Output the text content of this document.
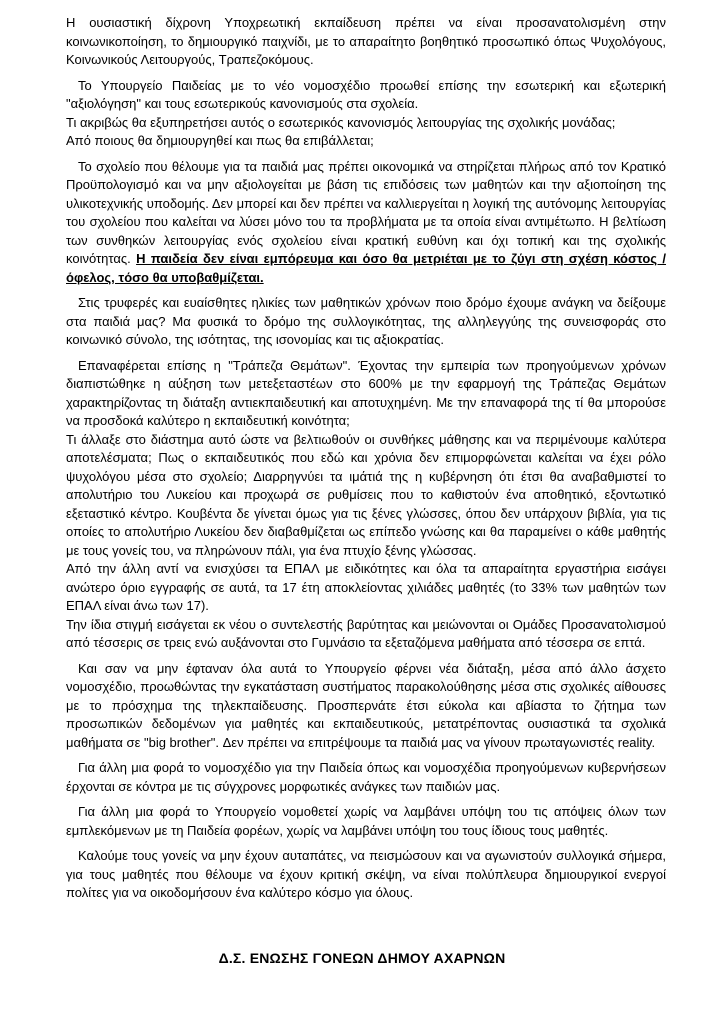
Η ουσιαστική δίχρονη Υποχρεωτική εκπαίδευση πρέπει να είναι προσανατολισμένη στην κοινωνικοποίηση, το δημιουργικό παιχνίδι, με το απαραίτητο βοηθητικό προσωπικό όπως Ψυχολόγους, Κοινωνικούς Λειτουργούς, Τραπεζοκόμους.

Το Υπουργείο Παιδείας με το νέο νομοσχέδιο προωθεί επίσης την εσωτερική και εξωτερική "αξιολόγηση" και τους εσωτερικούς κανονισμούς στα σχολεία.
Τι ακριβώς θα εξυπηρετήσει αυτός ο εσωτερικός κανονισμός λειτουργίας της σχολικής μονάδας;
Από ποιους θα δημιουργηθεί και πως θα επιβάλλεται;

Το σχολείο που θέλουμε για τα παιδιά μας πρέπει οικονομικά να στηρίζεται πλήρως από τον Κρατικό Προϋπολογισμό και να μην αξιολογείται με βάση τις επιδόσεις των μαθητών και την αξιοποίηση της υλικοτεχνικής υποδομής. Δεν μπορεί και δεν πρέπει να καλλιεργείται η λογική της αυτόνομης λειτουργίας του σχολείου που καλείται να λύσει μόνο του τα προβλήματα με τα οποία είναι αντιμέτωπο. Η βελτίωση των συνθηκών λειτουργίας ενός σχολείου είναι κρατική ευθύνη και όχι τοπική και της σχολικής κοινότητας. Η παιδεία δεν είναι εμπόρευμα και όσο θα μετριέται με το ζύγι στη σχέση κόστος / όφελος, τόσο θα υποβαθμίζεται.

Στις τρυφερές και ευαίσθητες ηλικίες των μαθητικών χρόνων ποιο δρόμο έχουμε ανάγκη να δείξουμε στα παιδιά μας? Μα φυσικά το δρόμο της συλλογικότητας, της αλληλεγγύης της συνεισφοράς στο κοινωνικό σύνολο, της ισότητας, της ισονομίας και τις αξιοκρατίας.

Επαναφέρεται επίσης η "Τράπεζα Θεμάτων". Έχοντας την εμπειρία των προηγούμενων χρόνων διαπιστώθηκε η αύξηση των μετεξεταστέων στο 600% με την εφαρμογή της Τράπεζας Θεμάτων χαρακτηρίζοντας τη διάταξη αντιεκπαιδευτική και αποτυχημένη. Με την επαναφορά της τί θα μπορούσε να προσδοκά καλύτερο η εκπαιδευτική κοινότητα;
Τι άλλαξε στο διάστημα αυτό ώστε να βελτιωθούν οι συνθήκες μάθησης και να περιμένουμε καλύτερα αποτελέσματα; Πως ο εκπαιδευτικός που εδώ και χρόνια δεν επιμορφώνεται καλείται να έχει ρόλο ψυχολόγου μέσα στο σχολείο; Διαρρηγνύει τα ιμάτιά της η κυβέρνηση ότι έτσι θα αναβαθμιστεί το απολυτήριο του Λυκείου και προχωρά σε ρυθμίσεις που το καθιστούν ένα αποθητικό, εξοντωτικό εξεταστικό κέντρο. Κουβέντα δε γίνεται όμως για τις ξένες γλώσσες, όπου δεν υπάρχουν βιβλία, για τις οποίες το απολυτήριο Λυκείου δεν διαβαθμίζεται ως επίπεδο γνώσης και θα παραμείνει ο κάθε μαθητής με τους γονείς του, να πληρώνουν πάλι, για ένα πτυχίο ξένης γλώσσας.
Από την άλλη αντί να ενισχύσει τα ΕΠΑΛ με ειδικότητες και όλα τα απαραίτητα εργαστήρια εισάγει ανώτερο όριο εγγραφής σε αυτά, τα 17 έτη αποκλείοντας χιλιάδες μαθητές (το 33% των μαθητών των ΕΠΑΛ είναι άνω των 17).
Την ίδια στιγμή εισάγεται εκ νέου ο συντελεστής βαρύτητας και μειώνονται οι Ομάδες Προσανατολισμού από τέσσερις σε τρεις ενώ αυξάνονται στο Γυμνάσιο τα εξεταζόμενα μαθήματα από τέσσερα σε επτά.

Και σαν να μην έφταναν όλα αυτά το Υπουργείο φέρνει νέα διάταξη, μέσα από άλλο άσχετο νομοσχέδιο, προωθώντας την εγκατάσταση συστήματος παρακολούθησης μέσα στις σχολικές αίθουσες με το πρόσχημα της τηλεκπαίδευσης. Προσπερνάτε έτσι εύκολα και αβίαστα το ζήτημα των προσωπικών δεδομένων για μαθητές και εκπαιδευτικούς, μετατρέποντας ουσιαστικά τα σχολικά μαθήματα σε "big brother". Δεν πρέπει να επιτρέψουμε τα παιδιά μας να γίνουν πρωταγωνιστές reality.

Για άλλη μια φορά το νομοσχέδιο για την Παιδεία όπως και νομοσχέδια προηγούμενων κυβερνήσεων έρχονται σε κόντρα με τις σύγχρονες μορφωτικές ανάγκες των παιδιών μας.

Για άλλη μια φορά το Υπουργείο νομοθετεί χωρίς να λαμβάνει υπόψη του τις απόψεις όλων των εμπλεκόμενων με τη Παιδεία φορέων, χωρίς να λαμβάνει υπόψη του τους ίδιους τους μαθητές.

Καλούμε τους γονείς να μην έχουν αυταπάτες, να πεισμώσουν και να αγωνιστούν συλλογικά σήμερα, για τους μαθητές που θέλουμε να έχουν κριτική σκέψη, να είναι πολύπλευρα δημιουργικοί ενεργοί πολίτες για να οικοδομήσουν ένα καλύτερο κόσμο για όλους.

Δ.Σ. ΕΝΩΣΗΣ ΓΟΝΕΩΝ ΔΗΜΟΥ ΑΧΑΡΝΩΝ
